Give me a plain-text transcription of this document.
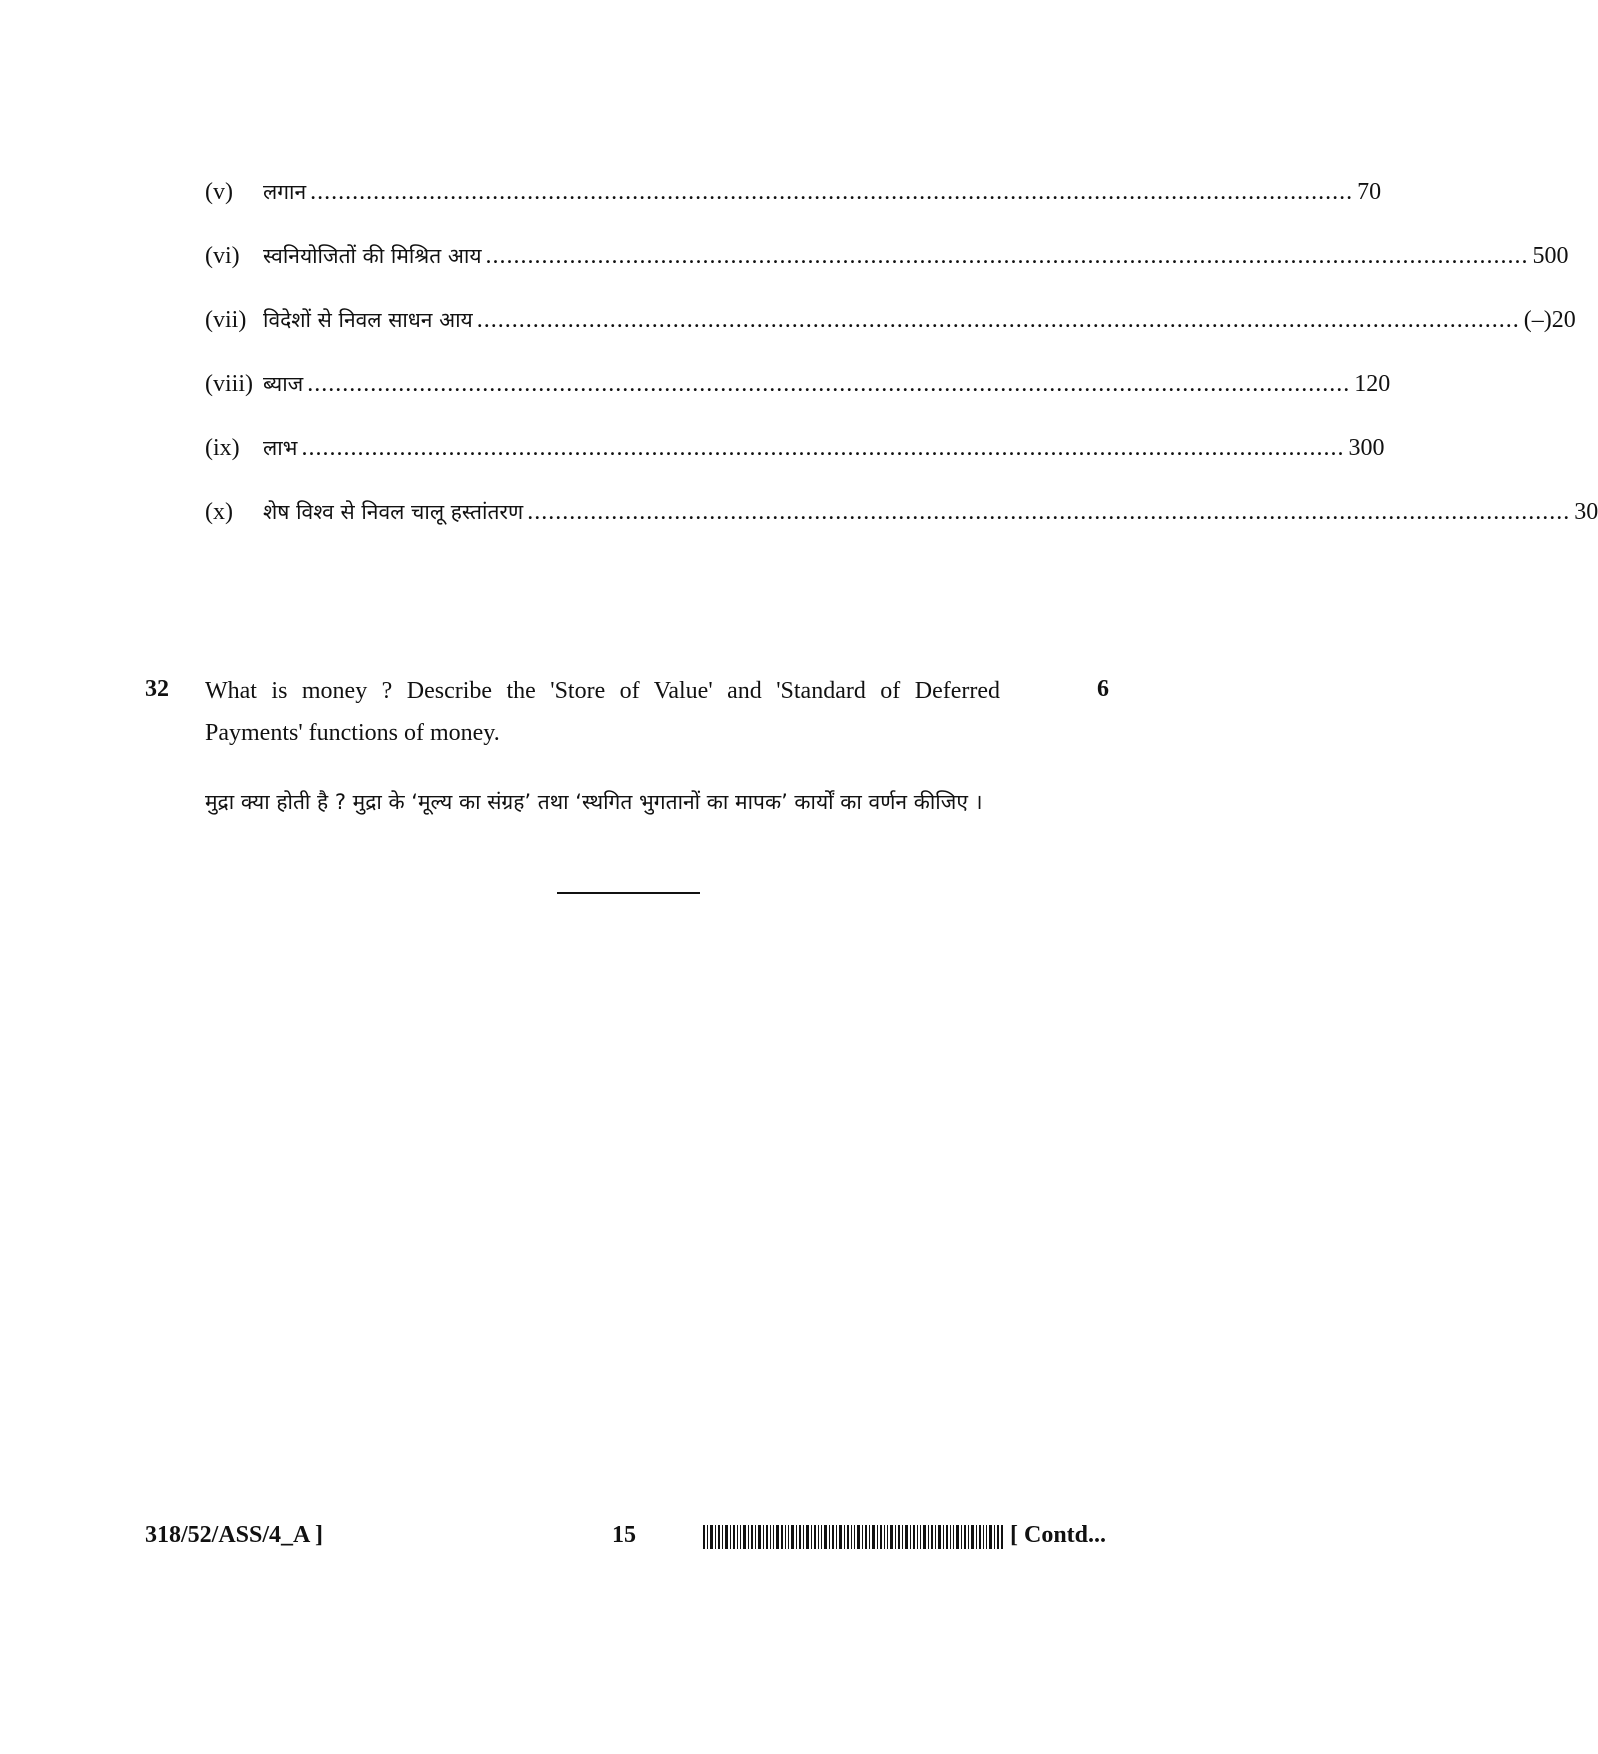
(v)	लगान ..................................................................................................................................................... 70
(vi)	स्वनियोजितों की मिश्रित आय ..................................................................................................................................................... 500
(vii) विदेशों से निवल साधन आय ..................................................................................................................................................... (–)20
(viii) ब्याज ..................................................................................................................................................... 120
(ix)	लाभ ..................................................................................................................................................... 300
(x)	शेष विश्व से निवल चालू हस्तांतरण ..................................................................................................................................................... 30
32 What is money ? Describe the 'Store of Value' and 'Standard of Deferred Payments' functions of money.
6
मुद्रा क्या होती है ? मुद्रा के ‘मूल्य का संग्रह’ तथा ‘स्थगित भुगतानों का मापक’ कार्यों का वर्णन कीजिए ।
318/52/ASS/4_A ]	15	[ Contd...
